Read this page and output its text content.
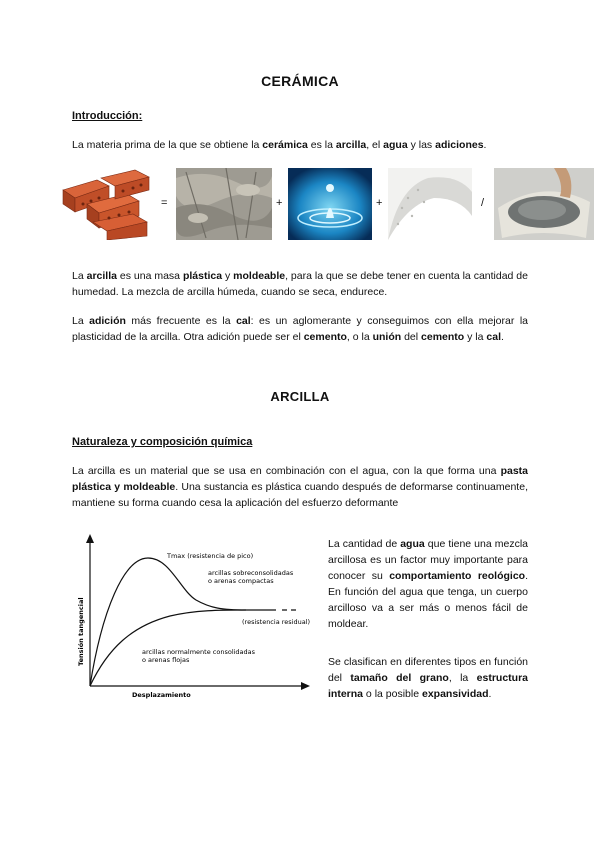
CERÁMICA
Introducción:
La materia prima de la que se obtiene la cerámica es la arcilla, el agua y las adiciones.
=	+	+	/
La arcilla es una masa plástica y moldeable, para la que se debe tener en cuenta la cantidad de humedad. La mezcla de arcilla húmeda, cuando se seca, endurece.
La adición más frecuente es la cal: es un aglomerante y conseguimos con ella mejorar la plasticidad de la arcilla. Otra adición puede ser el cemento, o la unión del cemento y la cal.
ARCILLA
Naturaleza y composición química
La arcilla es un material que se usa en combinación con el agua, con la que forma una pasta plástica y moldeable. Una sustancia es plástica cuando después de deformarse continuamente, mantiene su forma cuando cesa la aplicación del esfuerzo deformante
Tmax (resistencia de pico)
arcillas sobreconsolidadas
o arenas compactas
(resistencia residual)
arcillas normalmente consolidadas
o arenas flojas
Tensión tangencial
Desplazamiento
La cantidad de agua que tiene una mezcla arcillosa es un factor muy importante para conocer su comportamiento reológico. En función del agua que tenga, un cuerpo arcilloso va a ser más o menos fácil de moldear.
Se clasifican en diferentes tipos en función del tamaño del grano, la estructura interna o la posible expansividad.
